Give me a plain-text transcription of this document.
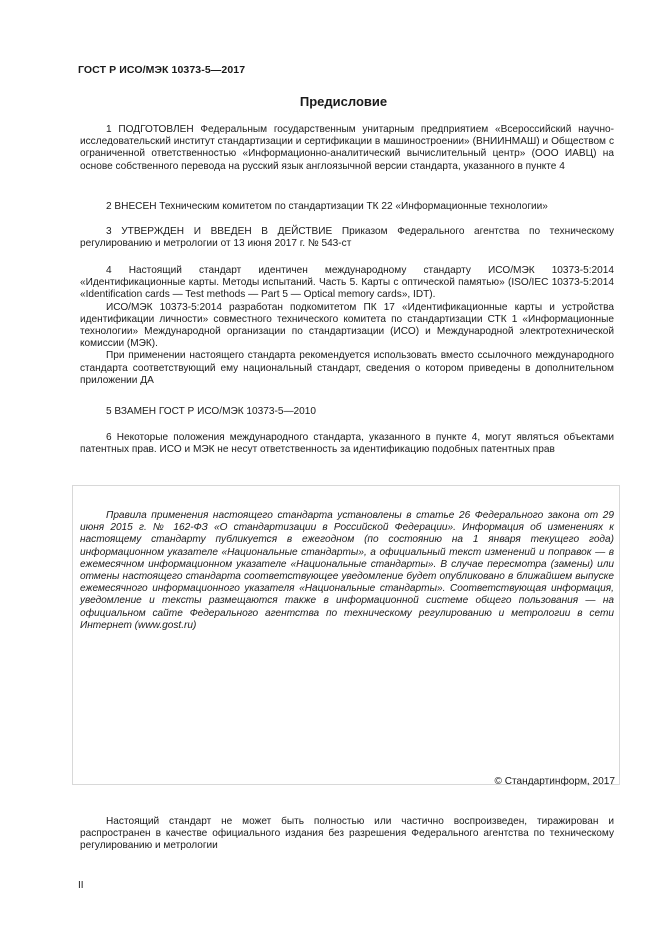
ГОСТ Р ИСО/МЭК 10373-5—2017
Предисловие

1 ПОДГОТОВЛЕН Федеральным государственным унитарным предприятием «Всероссийский научно-исследовательский институт стандартизации и сертификации в машиностроении» (ВНИИНМАШ) и Обществом с ограниченной ответственностью «Информационно-аналитический вычислительный центр» (ООО ИАВЦ) на основе собственного перевода на русский язык англоязычной версии стандарта, указанного в пункте 4

2 ВНЕСЕН Техническим комитетом по стандартизации ТК 22 «Информационные технологии»

3 УТВЕРЖДЕН И ВВЕДЕН В ДЕЙСТВИЕ Приказом Федерального агентства по техническому регулированию и метрологии от 13 июня 2017 г. № 543-ст

4 Настоящий стандарт идентичен международному стандарту ИСО/МЭК 10373-5:2014 «Идентификационные карты. Методы испытаний. Часть 5. Карты с оптической памятью» (ISO/IEC 10373-5:2014 «Identification cards — Test methods — Part 5 — Optical memory cards», IDT).

ИСО/МЭК 10373-5:2014 разработан подкомитетом ПК 17 «Идентификационные карты и устройства идентификации личности» совместного технического комитета по стандартизации СТК 1 «Информационные технологии» Международной организации по стандартизации (ИСО) и Международной электротехнической комиссии (МЭК).

При применении настоящего стандарта рекомендуется использовать вместо ссылочного международного стандарта соответствующий ему национальный стандарт, сведения о котором приведены в дополнительном приложении ДА

5 ВЗАМЕН ГОСТ Р ИСО/МЭК 10373-5—2010

6 Некоторые положения международного стандарта, указанного в пункте 4, могут являться объектами патентных прав. ИСО и МЭК не несут ответственность за идентификацию подобных патентных прав

Правила применения настоящего стандарта установлены в статье 26 Федерального закона от 29 июня 2015 г. № 162-ФЗ «О стандартизации в Российской Федерации». Информация об изменениях к настоящему стандарту публикуется в ежегодном (по состоянию на 1 января текущего года) информационном указателе «Национальные стандарты», а официальный текст изменений и поправок — в ежемесячном информационном указателе «Национальные стандарты». В случае пересмотра (замены) или отмены настоящего стандарта соответствующее уведомление будет опубликовано в ближайшем выпуске ежемесячного информационного указателя «Национальные стандарты». Соответствующая информация, уведомление и тексты размещаются также в информационной системе общего пользования — на официальном сайте Федерального агентства по техническому регулированию и метрологии в сети Интернет (www.gost.ru)

© Стандартинформ, 2017

Настоящий стандарт не может быть полностью или частично воспроизведен, тиражирован и распространен в качестве официального издания без разрешения Федерального агентства по техническому регулированию и метрологии

II
